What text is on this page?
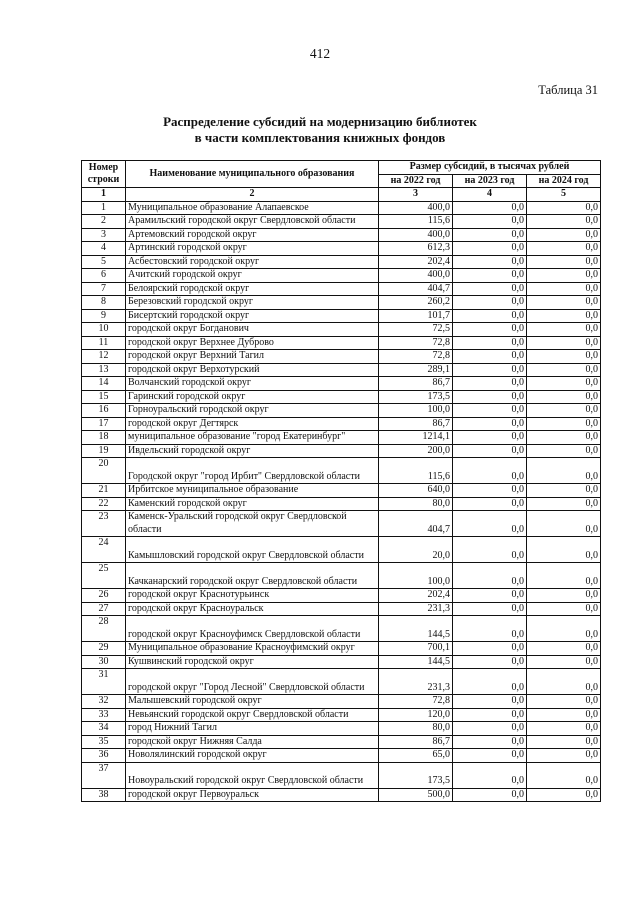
412
Таблица 31
Распределение субсидий на модернизацию библиотек
в части комплектования книжных фондов
Номер строки	Наименование муниципального образования	Размер субсидий, в тысячах рублей		
		на 2022 год	на 2023 год	на 2024 год
1	2	3	4	5
1	Муниципальное образование Алапаевское	400,0	0,0	0,0
2	Арамильский городской округ Свердловской области	115,6	0,0	0,0
3	Артемовский городской округ	400,0	0,0	0,0
4	Артинский городской округ	612,3	0,0	0,0
5	Асбестовский городской округ	202,4	0,0	0,0
6	Ачитский городской округ	400,0	0,0	0,0
7	Белоярский городской округ	404,7	0,0	0,0
8	Березовский городской округ	260,2	0,0	0,0
9	Бисертский городской округ	101,7	0,0	0,0
10	городской округ Богданович	72,5	0,0	0,0
11	городской округ Верхнее Дуброво	72,8	0,0	0,0
12	городской округ Верхний Тагил	72,8	0,0	0,0
13	городской округ Верхотурский	289,1	0,0	0,0
14	Волчанский городской округ	86,7	0,0	0,0
15	Гаринский городской округ	173,5	0,0	0,0
16	Горноуральский городской округ	100,0	0,0	0,0
17	городской округ Дегтярск	86,7	0,0	0,0
18	муниципальное образование "город Екатеринбург"	1214,1	0,0	0,0
19	Ивдельский городской округ	200,0	0,0	0,0
20	Городской округ "город Ирбит" Свердловской области	115,6	0,0	0,0
21	Ирбитское муниципальное образование	640,0	0,0	0,0
22	Каменский городской округ	80,0	0,0	0,0
23	Каменск-Уральский городской округ Свердловской области	404,7	0,0	0,0
24	Камышловский городской округ Свердловской области	20,0	0,0	0,0
25	Качканарский городской округ Свердловской области	100,0	0,0	0,0
26	городской округ Краснотурьинск	202,4	0,0	0,0
27	городской округ Красноуральск	231,3	0,0	0,0
28	городской округ Красноуфимск Свердловской области	144,5	0,0	0,0
29	Муниципальное образование Красноуфимский округ	700,1	0,0	0,0
30	Кушвинский городской округ	144,5	0,0	0,0
31	городской округ "Город Лесной" Свердловской области	231,3	0,0	0,0
32	Малышевский городской округ	72,8	0,0	0,0
33	Невьянский городской округ Свердловской области	120,0	0,0	0,0
34	город Нижний Тагил	80,0	0,0	0,0
35	городской округ Нижняя Салда	86,7	0,0	0,0
36	Новолялинский городской округ	65,0	0,0	0,0
37	Новоуральский городской округ Свердловской области	173,5	0,0	0,0
38	городской округ Первоуральск	500,0	0,0	0,0
